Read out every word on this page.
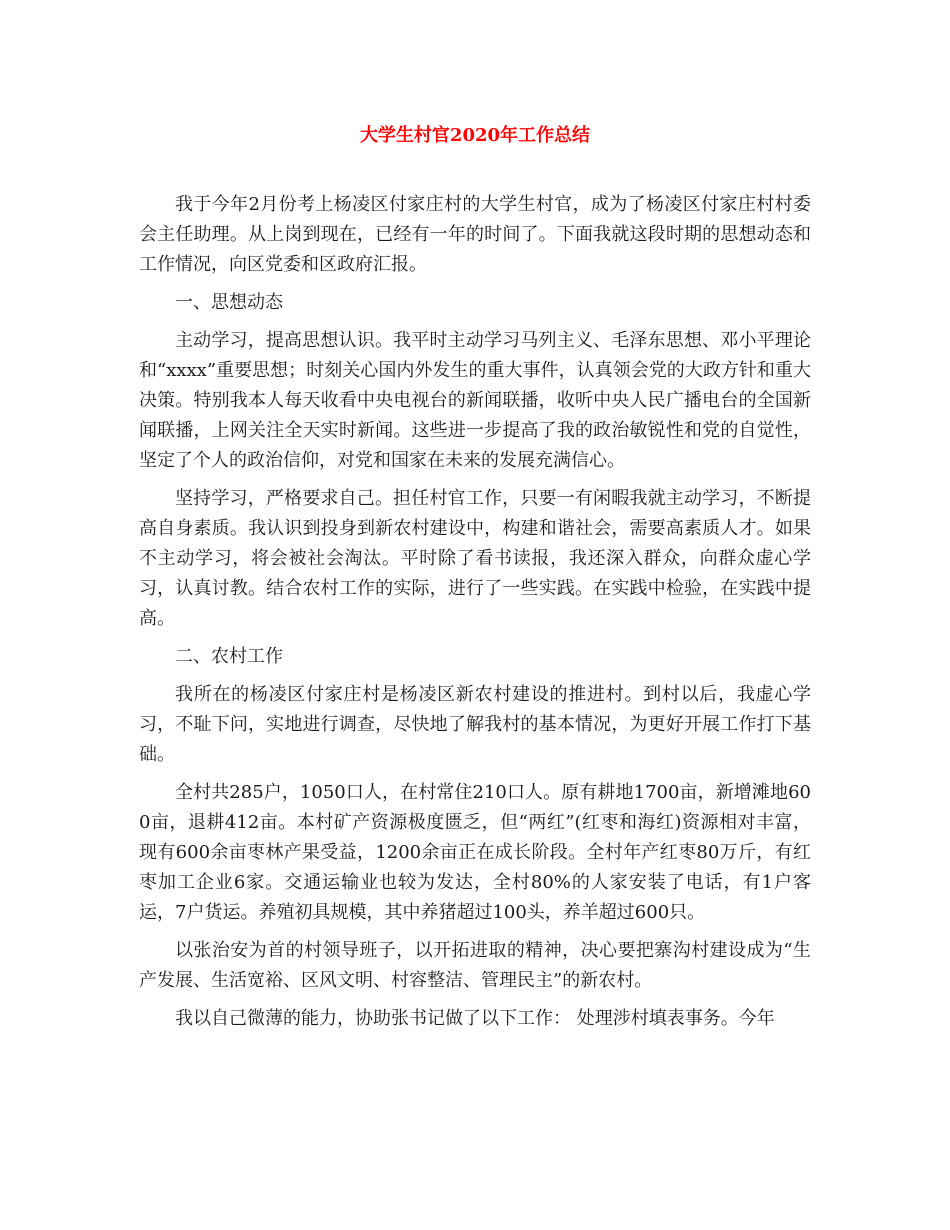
大学生村官2020年工作总结

我于今年2月份考上杨凌区付家庄村的大学生村官，成为了杨凌区付家庄村村委会主任助理。从上岗到现在，已经有一年的时间了。下面我就这段时期的思想动态和工作情况，向区党委和区政府汇报。

一、思想动态

主动学习，提高思想认识。我平时主动学习马列主义、毛泽东思想、邓小平理论和“xxxx”重要思想；时刻关心国内外发生的重大事件，认真领会党的大政方针和重大决策。特别我本人每天收看中央电视台的新闻联播，收听中央人民广播电台的全国新闻联播，上网关注全天实时新闻。这些进一步提高了我的政治敏锐性和党的自觉性，坚定了个人的政治信仰，对党和国家在未来的发展充满信心。

坚持学习，严格要求自己。担任村官工作，只要一有闲暇我就主动学习，不断提高自身素质。我认识到投身到新农村建设中，构建和谐社会，需要高素质人才。如果不主动学习，将会被社会淘汰。平时除了看书读报，我还深入群众，向群众虚心学习，认真讨教。结合农村工作的实际，进行了一些实践。在实践中检验，在实践中提高。

二、农村工作

我所在的杨凌区付家庄村是杨凌区新农村建设的推进村。到村以后，我虚心学习，不耻下问，实地进行调查，尽快地了解我村的基本情况，为更好开展工作打下基础。

全村共285户，1050口人，在村常住210口人。原有耕地1700亩，新增滩地600亩，退耕412亩。本村矿产资源极度匮乏，但“两红”(红枣和海红)资源相对丰富，现有600余亩枣林产果受益，1200余亩正在成长阶段。全村年产红枣80万斤，有红枣加工企业6家。交通运输业也较为发达，全村80%的人家安装了电话，有1户客运，7户货运。养殖初具规模，其中养猪超过100头，养羊超过600只。

以张治安为首的村领导班子，以开拓进取的精神，决心要把寨沟村建设成为“生产发展、生活宽裕、区风文明、村容整洁、管理民主”的新农村。

我以自己微薄的能力，协助张书记做了以下工作： 处理涉村填表事务。今年
